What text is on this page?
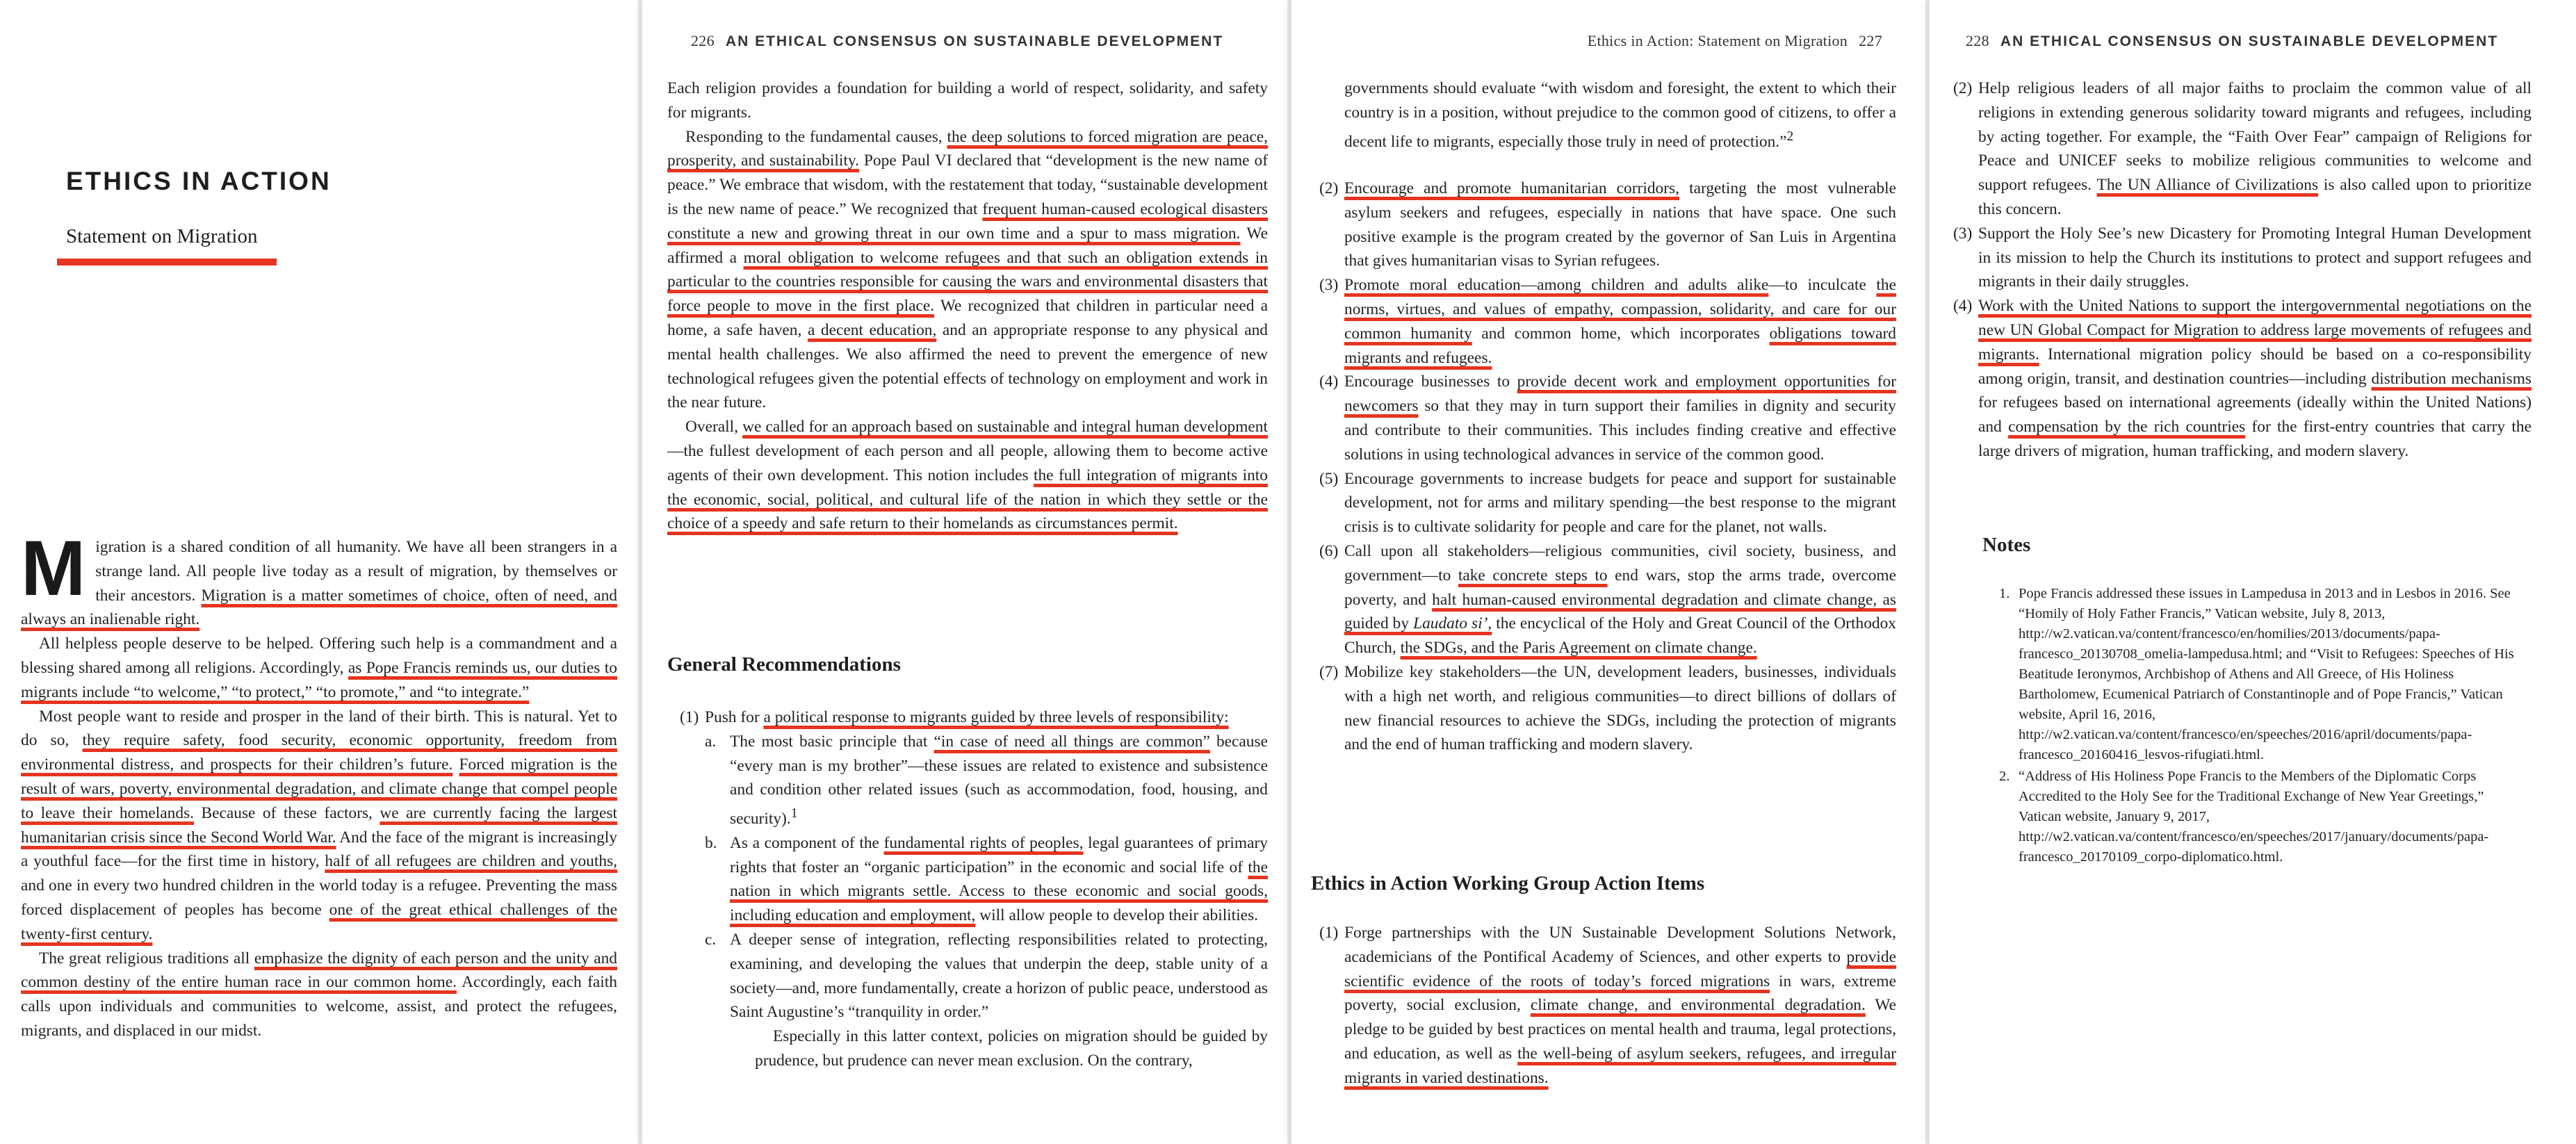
ETHICS IN ACTION
Statement on Migration

Migration is a shared condition of all humanity. We have all been strangers in a strange land. All people live today as a result of migration, by themselves or their ancestors. Migration is a matter sometimes of choice, often of need, and always an inalienable right.

All helpless people deserve to be helped. Offering such help is a commandment and a blessing shared among all religions. Accordingly, as Pope Francis reminds us, our duties to migrants include “to welcome,” “to protect,” “to promote,” and “to integrate.”

Most people want to reside and prosper in the land of their birth. This is natural. Yet to do so, they require safety, food security, economic opportunity, freedom from environmental distress, and prospects for their children’s future. Forced migration is the result of wars, poverty, environmental degradation, and climate change that compel people to leave their homelands. Because of these factors, we are currently facing the largest humanitarian crisis since the Second World War. And the face of the migrant is increasingly a youthful face—for the first time in history, half of all refugees are children and youths, and one in every two hundred children in the world today is a refugee. Preventing the mass forced displacement of peoples has become one of the great ethical challenges of the twenty-first century.

The great religious traditions all emphasize the dignity of each person and the unity and common destiny of the entire human race in our common home. Accordingly, each faith calls upon individuals and communities to welcome, assist, and protect the refugees, migrants, and displaced in our midst.

226 AN ETHICAL CONSENSUS ON SUSTAINABLE DEVELOPMENT

Each religion provides a foundation for building a world of respect, solidarity, and safety for migrants.

Responding to the fundamental causes, the deep solutions to forced migration are peace, prosperity, and sustainability. Pope Paul VI declared that “development is the new name of peace.” We embrace that wisdom, with the restatement that today, “sustainable development is the new name of peace.” We recognized that frequent human-caused ecological disasters constitute a new and growing threat in our own time and a spur to mass migration. We affirmed a moral obligation to welcome refugees and that such an obligation extends in particular to the countries responsible for causing the wars and environmental disasters that force people to move in the first place. We recognized that children in particular need a home, a safe haven, a decent education, and an appropriate response to any physical and mental health challenges. We also affirmed the need to prevent the emergence of new technological refugees given the potential effects of technology on employment and work in the near future.

Overall, we called for an approach based on sustainable and integral human development—the fullest development of each person and all people, allowing them to become active agents of their own development. This notion includes the full integration of migrants into the economic, social, political, and cultural life of the nation in which they settle or the choice of a speedy and safe return to their homelands as circumstances permit.

General Recommendations
(1) Push for a political response to migrants guided by three levels of responsibility:
a. The most basic principle that “in case of need all things are common” because “every man is my brother”—these issues are related to existence and subsistence and condition other related issues (such as accommodation, food, housing, and security).$^1$
b. As a component of the fundamental rights of peoples, legal guarantees of primary rights that foster an “organic participation” in the economic and social life of the nation in which migrants settle. Access to these economic and social goods, including education and employment, will allow people to develop their abilities.
c. A deeper sense of integration, reflecting responsibilities related to protecting, examining, and developing the values that underpin the deep, stable unity of a society—and, more fundamentally, create a horizon of public peace, understood as Saint Augustine’s “tranquility in order.”

Especially in this latter context, policies on migration should be guided by prudence, but prudence can never mean exclusion. On the contrary,

Ethics in Action: Statement on Migration 227

governments should evaluate “with wisdom and foresight, the extent to which their country is in a position, without prejudice to the common good of citizens, to offer a decent life to migrants, especially those truly in need of protection.”$^2$

(2) Encourage and promote humanitarian corridors, targeting the most vulnerable asylum seekers and refugees, especially in nations that have space. One such positive example is the program created by the governor of San Luis in Argentina that gives humanitarian visas to Syrian refugees.
(3) Promote moral education—among children and adults alike—to inculcate the norms, virtues, and values of empathy, compassion, solidarity, and care for our common humanity and common home, which incorporates obligations toward migrants and refugees.
(4) Encourage businesses to provide decent work and employment opportunities for newcomers so that they may in turn support their families in dignity and security and contribute to their communities. This includes finding creative and effective solutions in using technological advances in service of the common good.
(5) Encourage governments to increase budgets for peace and support for sustainable development, not for arms and military spending—the best response to the migrant crisis is to cultivate solidarity for people and care for the planet, not walls.
(6) Call upon all stakeholders—religious communities, civil society, business, and government—to take concrete steps to end wars, stop the arms trade, overcome poverty, and halt human-caused environmental degradation and climate change, as guided by Laudato si’, the encyclical of the Holy and Great Council of the Orthodox Church, the SDGs, and the Paris Agreement on climate change.
(7) Mobilize key stakeholders—the UN, development leaders, businesses, individuals with a high net worth, and religious communities—to direct billions of dollars of new financial resources to achieve the SDGs, including the protection of migrants and the end of human trafficking and modern slavery.
Ethics in Action Working Group Action Items
(1) Forge partnerships with the UN Sustainable Development Solutions Network, academicians of the Pontifical Academy of Sciences, and other experts to provide scientific evidence of the roots of today’s forced migrations in wars, extreme poverty, social exclusion, climate change, and environmental degradation. We pledge to be guided by best practices on mental health and trauma, legal protections, and education, as well as the well-being of asylum seekers, refugees, and irregular migrants in varied destinations.
228 AN ETHICAL CONSENSUS ON SUSTAINABLE DEVELOPMENT
(2) Help religious leaders of all major faiths to proclaim the common value of all religions in extending generous solidarity toward migrants and refugees, including by acting together. For example, the “Faith Over Fear” campaign of Religions for Peace and UNICEF seeks to mobilize religious communities to welcome and support refugees. The UN Alliance of Civilizations is also called upon to prioritize this concern.
(3) Support the Holy See’s new Dicastery for Promoting Integral Human Development in its mission to help the Church its institutions to protect and support refugees and migrants in their daily struggles.
(4) Work with the United Nations to support the intergovernmental negotiations on the new UN Global Compact for Migration to address large movements of refugees and migrants. International migration policy should be based on a co-responsibility among origin, transit, and destination countries—including distribution mechanisms for refugees based on international agreements (ideally within the United Nations) and compensation by the rich countries for the first-entry countries that carry the large drivers of migration, human trafficking, and modern slavery.
Notes
1. Pope Francis addressed these issues in Lampedusa in 2013 and in Lesbos in 2016. See “Homily of Holy Father Francis,” Vatican website, July 8, 2013, http://w2.vatican.va/content/francesco/en/homilies/2013/documents/papa-francesco_20130708_omelia-lampedusa.html; and “Visit to Refugees: Speeches of His Beatitude Ieronymos, Archbishop of Athens and All Greece, of His Holiness Bartholomew, Ecumenical Patriarch of Constantinople and of Pope Francis,” Vatican website, April 16, 2016, http://w2.vatican.va/content/francesco/en/speeches/2016/april/documents/papa-francesco_20160416_lesvos-rifugiati.html.
2. “Address of His Holiness Pope Francis to the Members of the Diplomatic Corps Accredited to the Holy See for the Traditional Exchange of New Year Greetings,” Vatican website, January 9, 2017, http://w2.vatican.va/content/francesco/en/speeches/2017/january/documents/papa-francesco_20170109_corpo-diplomatico.html.
